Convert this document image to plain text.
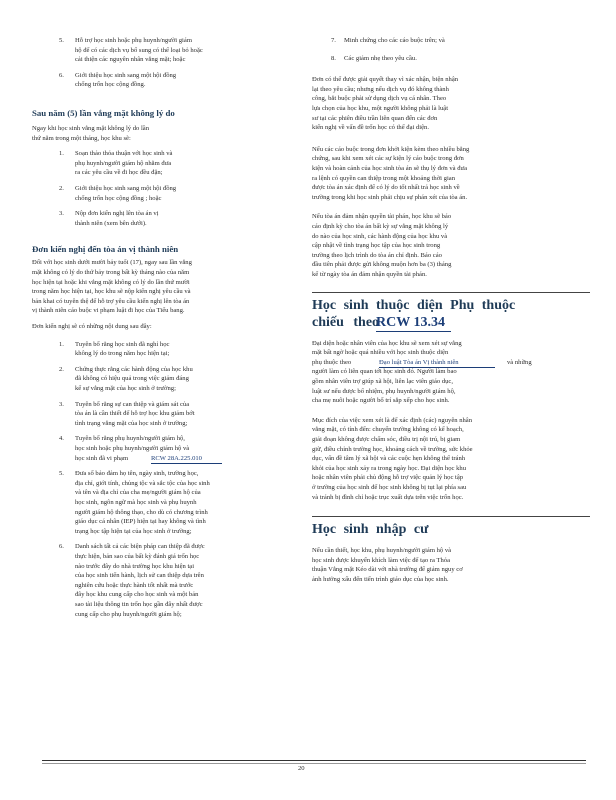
5. Hỗ trợ học sinh hoặc phụ huynh/người giám
hộ để có các dịch vụ bổ sung có thể loại bỏ hoặc
cải thiện các nguyên nhân vắng mặt; hoặc
6. Giới thiệu học sinh sang một hội đồng
chống trốn học cộng đồng.
Sau năm (5) lần vắng mặt không lý do
Ngay khi học sinh vắng mặt không lý do lần
thứ năm trong một tháng, học khu sẽ:
1. Soạn thảo thỏa thuận với học sinh và
phụ huynh/người giám hộ nhằm đưa
ra các yêu cầu về đi học đều đặn;
2. Giới thiệu học sinh sang một hội đồng
chống trốn học cộng đồng ; hoặc
3. Nộp đơn kiến nghị lên tòa án vị
thành niên (xem bên dưới).
Đơn kiến nghị đến tòa án vị thành niên
Đối với học sinh dưới mười bảy tuổi (17), ngay sau lần vắng
mặt không có lý do thứ bảy trong bất kỳ tháng nào của năm
học hiện tại hoặc khi vắng mặt không có lý do lần thứ mười
trong năm học hiện tại, học khu sẽ nộp kiến nghị yêu cầu và
bản khai có tuyên thệ để hỗ trợ yêu cầu kiến nghị lên tòa án
vị thành niên cáo buộc vi phạm luật đi học của Tiểu bang.
Đơn kiến nghị sẽ có những nội dung sau đây:
1. Tuyên bố rằng học sinh đã nghỉ học
không lý do trong năm học hiện tại;
2. Chứng thực rằng các hành động của học khu
đã không có hiệu quả trong việc giảm đáng
kể sự vắng mặt của học sinh ở trường;
3. Tuyên bố rằng sự can thiệp và giám sát của
tòa án là cần thiết để hỗ trợ học khu giảm bớt
tình trạng vắng mặt của học sinh ở trường;
4. Tuyên bố rằng phụ huynh/người giám hộ,
học sinh hoặc phụ huynh/người giám hộ và
học sinh đã vi phạm	RCW 28A.225.010
5. Đưa số bảo đảm họ tên, ngày sinh, trường học,
địa chỉ, giới tính, chủng tộc và sắc tộc của học sinh
và tên và địa chỉ của cha mẹ/người giám hộ của
học sinh, ngôn ngữ mà học sinh và phụ huynh
người giám hộ thông thạo, cho dù có chương trình
giáo dục cá nhân (IEP) hiện tại hay không và tình
trạng học tập hiện tại của học sinh ở trường;
6. Danh sách tất cả các biện pháp can thiệp đã được
thực hiện, bản sao của bất kỳ đánh giá trốn học
nào trước đây do nhà trường học khu hiện tại
của học sinh tiến hành, lịch sử can thiệp dựa trên
nghiên cứu hoặc thực hành tốt nhất mà trước
đây học khu cung cấp cho học sinh và một bản
sao tài liệu thông tin trốn học gần đây nhất được
cung cấp cho phụ huynh/người giám hộ;
7. Minh chứng cho các cáo buộc trên; và
8. Các giảm nhẹ theo yêu cầu.
Đơn có thể được giải quyết thay vì xác nhận, biện nhận
lại theo yêu cầu; nhưng nếu dịch vụ đó không thành
công, bắt buộc phải sử dụng dịch vụ cá nhân. Theo
lựa chọn của học khu, một người không phải là luật
sư tại các phiên điều trần liên quan đến các đơn
kiến nghị về vấn đề trốn học có thể đại diện.
Nếu các cáo buộc trong đơn khởi kiện kèm theo nhiều bằng
chứng, sau khi xem xét các sự kiện lý cáo buộc trong đơn
kiện và hoàn cảnh của học sinh tòa án sẽ thụ lý đơn và đưa
ra lệnh có quyền can thiệp trong một khoảng thời gian
được tòa án xác định để có lý do tốt nhất trả học sinh về
trường trong khi học sinh phải chịu sự phán xét của tòa án.
Nếu tòa án đảm nhận quyền tài phán, học khu sẽ báo
cáo định kỳ cho tòa án bất kỳ sự vắng mặt không lý
do nào của học sinh, các hành động của học khu và
cập nhật về tình trạng học tập của học sinh trong
trường theo lịch trình do tòa án chỉ định. Báo cáo
đầu tiên phải được gửi không muộn hơn ba (3) tháng
kể từ ngày tòa án đảm nhận quyền tài phán.
Học sinh thuộc diện Phụ thuộc
chiếu theo
RCW 13.34
Đại diện hoặc nhân viên của học khu sẽ xem xét sự vắng
mặt bất ngờ hoặc quá nhiều với học sinh thuộc diện
phụ thuộc theo	Đạo luật Tòa án Vị thành niên	và những
người làm có liên quan tới học sinh đó. Người làm bao
gồm nhân viên trợ giúp xã hội, liên lạc viên giáo dục,
luật sư nếu được bổ nhiệm, phụ huynh/người giám hộ,
cha mẹ nuôi hoặc người bố trí sắp xếp cho học sinh.
Mục đích của việc xem xét là để xác định (các) nguyên nhân
vắng mặt, có tính đến: chuyển trường không có kế hoạch,
giải đoạn không được chấm sóc, điều trị nội trú, bị giam
giữ, điều chỉnh trường học, khoảng cách về trường, sức khỏe
dục, vấn đề tâm lý xã hội và các cuộc hẹn không thể tránh
khỏi của học sinh xảy ra trong ngày học. Đại diện học khu
hoặc nhân viên phải chủ động hỗ trợ việc quản lý học tập
ở trường của học sinh để học sinh không bị tụt lại phía sau
và tránh bị đình chỉ hoặc trục xuất dựa trên việc trốn học.
Học sinh nhập cư
Nếu cần thiết, học khu, phụ huynh/người giám hộ và
học sinh được khuyến khích làm việc để tạo ra Thỏa
thuận Vắng mặt Kéo dài với nhà trường để giảm nguy cơ
ảnh hưởng xấu đến tiến trình giáo dục của học sinh.
20
